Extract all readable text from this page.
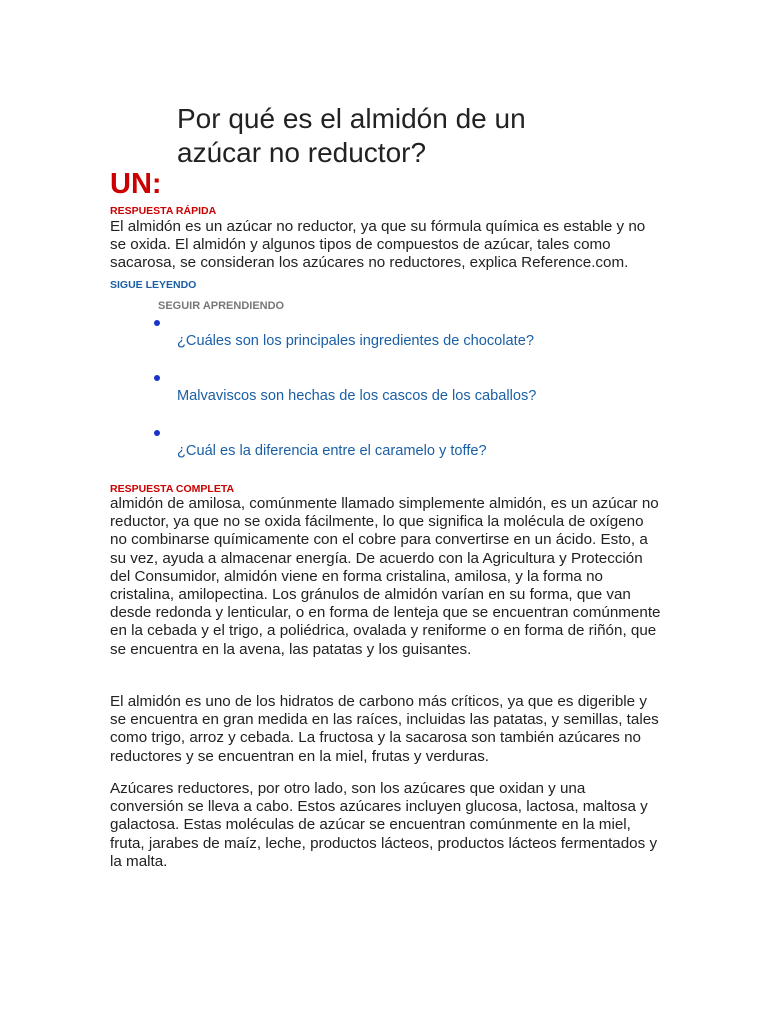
Por qué es el almidón de un azúcar no reductor?
UN:
RESPUESTA RÁPIDA

El almidón es un azúcar no reductor, ya que su fórmula química es estable y no se oxida. El almidón y algunos tipos de compuestos de azúcar, tales como sacarosa, se consideran los azúcares no reductores, explica Reference.com.

SIGUE LEYENDO
SEGUIR APRENDIENDO
¿Cuáles son los principales ingredientes de chocolate?
Malvaviscos son hechas de los cascos de los caballos?
¿Cuál es la diferencia entre el caramelo y toffe?
RESPUESTA COMPLETA

almidón de amilosa, comúnmente llamado simplemente almidón, es un azúcar no reductor, ya que no se oxida fácilmente, lo que significa la molécula de oxígeno no combinarse químicamente con el cobre para convertirse en un ácido. Esto, a su vez, ayuda a almacenar energía. De acuerdo con la Agricultura y Protección del Consumidor, almidón viene en forma cristalina, amilosa, y la forma no cristalina, amilopectina. Los gránulos de almidón varían en su forma, que van desde redonda y lenticular, o en forma de lenteja que se encuentran comúnmente en la cebada y el trigo, a poliédrica, ovalada y reniforme o en forma de riñón, que se encuentra en la avena, las patatas y los guisantes.

El almidón es uno de los hidratos de carbono más críticos, ya que es digerible y se encuentra en gran medida en las raíces, incluidas las patatas, y semillas, tales como trigo, arroz y cebada. La fructosa y la sacarosa son también azúcares no reductores y se encuentran en la miel, frutas y verduras.

Azúcares reductores, por otro lado, son los azúcares que oxidan y una conversión se lleva a cabo. Estos azúcares incluyen glucosa, lactosa, maltosa y galactosa. Estas moléculas de azúcar se encuentran comúnmente en la miel, fruta, jarabes de maíz, leche, productos lácteos, productos lácteos fermentados y la malta.
